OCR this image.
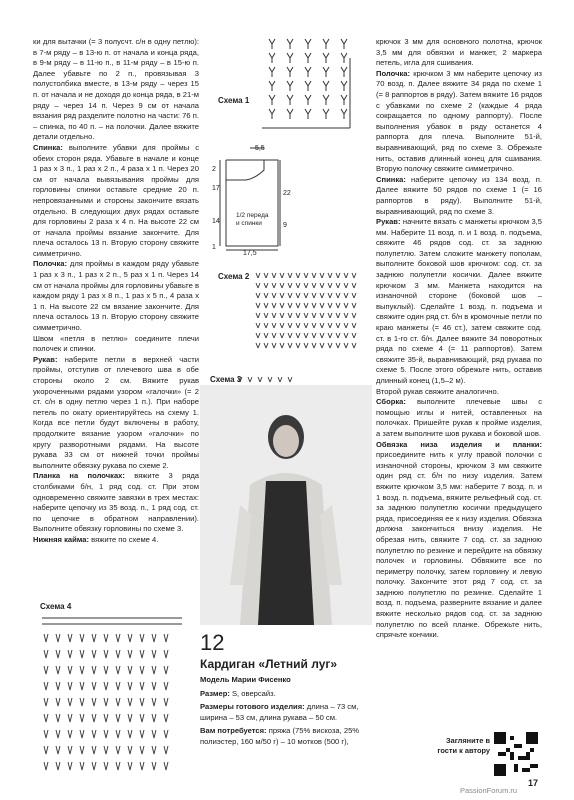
ки для вытачки (= 3 полусчт. с/н в одну петлю): в 7-м ряду – в 13-ю п. от начала и конца ряда, в 9-м ряду – в 11-ю п., в 11-м ряду – в 15-ю п. Далее убавьте по 2 п., провязывая 3 полустолбика вместе, в 13-м ряду – через 15 п. от начала и не доходя до конца ряда, в 21-м ряду – через 14 п. Через 9 см от начала вязания ряд разделите полотно на части: 76 п. – спинка, по 40 п. – на полочки. Далее вяжите детали отдельно.

Спинка: выполните убавки для проймы с обеих сторон ряда. Убавьте в начале и конце 1 раз x 3 п., 1 раз x 2 п., 4 раза x 1 п. Через 20 см от начала вывязывания проймы для горловины спинки оставьте средние 20 п. непровязанными и стороны закончите вязать отдельно. В следующих двух рядах оставьте для горловины 2 раза x 4 п. На высоте 22 см от начала проймы вязание закончите. Для плеча осталось 13 п. Вторую сторону свяжите симметрично.

Полочка: для проймы в каждом ряду убавьте 1 раз x 3 п., 1 раз x 2 п., 5 раз x 1 п. Через 14 см от начала проймы для горловины убавьте в каждом ряду 1 раз x 8 п., 1 раз x 5 п., 4 раза x 1 п. На высоте 22 см вязание закончите. Для плеча осталось 13 п. Вторую сторону свяжите симметрично.

Швом «петля в петлю» соедините плечи полочек и спинки.

Рукав: наберите петли в верхней части проймы, отступив от плечевого шва в обе стороны около 2 см. Вяжите рукав укороченными рядами узором «галочки» (= 2 ст. с/н в одну петлю через 1 п.). При наборе петель по окату ориентируйтесь на схему 1. Когда все петли будут включены в работу, продолжите вязание узором «галочки» по кругу разворотными рядами. На высоте рукава 33 см от нижней точки проймы выполните обвязку рукава по схеме 2.

Планка на полочках: вяжите 3 ряда столбиками б/н, 1 ряд сод. ст. При этом одновременно свяжите завязки в трех местах: наберите цепочку из 35 возд. п., 1 ряд сод. ст. по цепочке в обратном направлении). Выполните обвязку горловины по схеме 3.

Нижняя кайма: вяжите по схеме 4.

крючок 3 мм для основного полотна, крючок 3,5 мм для обвязки и манжет, 2 маркера петель, игла для сшивания.

Полочка: крючком 3 мм наберите цепочку из 70 возд. п. Далее вяжите 34 ряда по схеме 1 (= 8 раппортов в ряду). Затем вяжите 16 рядов с убавками по схеме 2 (каждые 4 ряда сокращается по одному раппорту). После выполнения убавок в ряду останется 4 раппорта для плеча. Выполните 51-й, выравнивающий, ряд по схеме 3. Обрежьте нить, оставив длинный конец для сшивания. Вторую полочку свяжите симметрично.

Спинка: наберите цепочку из 134 возд. п. Далее вяжите 50 рядов по схеме 1 (= 16 раппортов в ряду). Выполните 51-й, выравнивающий, ряд по схеме 3.

Рукав: начните вязать с манжеты крючком 3,5 мм. Наберите 11 возд. п. и 1 возд. п. подъема, свяжите 46 рядов сод. ст. за заднюю полупетлю. Затем сложите манжету пополам, выполните боковой шов крючком: сод. ст. за заднюю полупетли косички. Далее вяжите крючком 3 мм. Манжета находится на изнаночной стороне (боковой шов – выпуклый). Сделайте 1 возд. п. подъема и свяжите один ряд ст. б/н в кромочные петли по краю манжеты (= 46 ст.), затем свяжите сод. ст. в 1-го ст. б/н. Далее вяжите 34 поворотных ряда по схеме 4 (= 11 раппортов). Затем свяжите 35-й, выравнивающий, ряд рукава по схеме 5. После этого обрежьте нить, оставив длинный конец (1,5–2 м).

Второй рукав свяжите аналогично.

Сборка: выполните плечевые швы с помощью иглы и нитей, оставленных на полочках. Пришейте рукав к пройме изделия, а затем выполните шов рукава и боковой шов.

Обвязка низа изделия и планки: присоедините нить к углу правой полочки с изнаночной стороны, крючком 3 мм свяжите один ряд ст. б/н по низу изделия. Затем вяжите крючком 3,5 мм: наберите 7 возд. п. и 1 возд. п. подъема, вяжите рельефный сод. ст. за заднюю полупетлю косички предыдущего ряда, присоединяя ее к низу изделия. Обвязка должна закончиться внизу изделия. Не обрезая нить, свяжите 7 сод. ст. за заднюю полупетлю по резинке и перейдите на обвязку полочек и горловины. Обвяжите все по периметру полочку, затем горловину и левую полочку. Закончите этот ряд 7 сод. ст. за заднюю полупетлю по резинке. Сделайте 1 возд. п. подъема, разверните вязание и далее вяжите несколько рядов сод. ст. за заднюю полупетлю по всей планке. Обрежьте нить, спрячьте кончики.

Схема 1
Схема 2
Схема 3
Схема 4
5,5
2
17
22
14
9
1
17,5
1/2 переда и спинки
12
Кардиган «Летний луг»
Модель Марии Фисенко
Размер: S, оверсайз.
Размеры готового изделия: длина – 73 см, ширина – 53 см, длина рукава – 50 см.
Вам потребуется: пряжа (75% вискоза, 25% полиэстер, 160 м/50 г) – 10 мотков (500 г),	Загляните в гости к автору
17
PassionForum.ru
